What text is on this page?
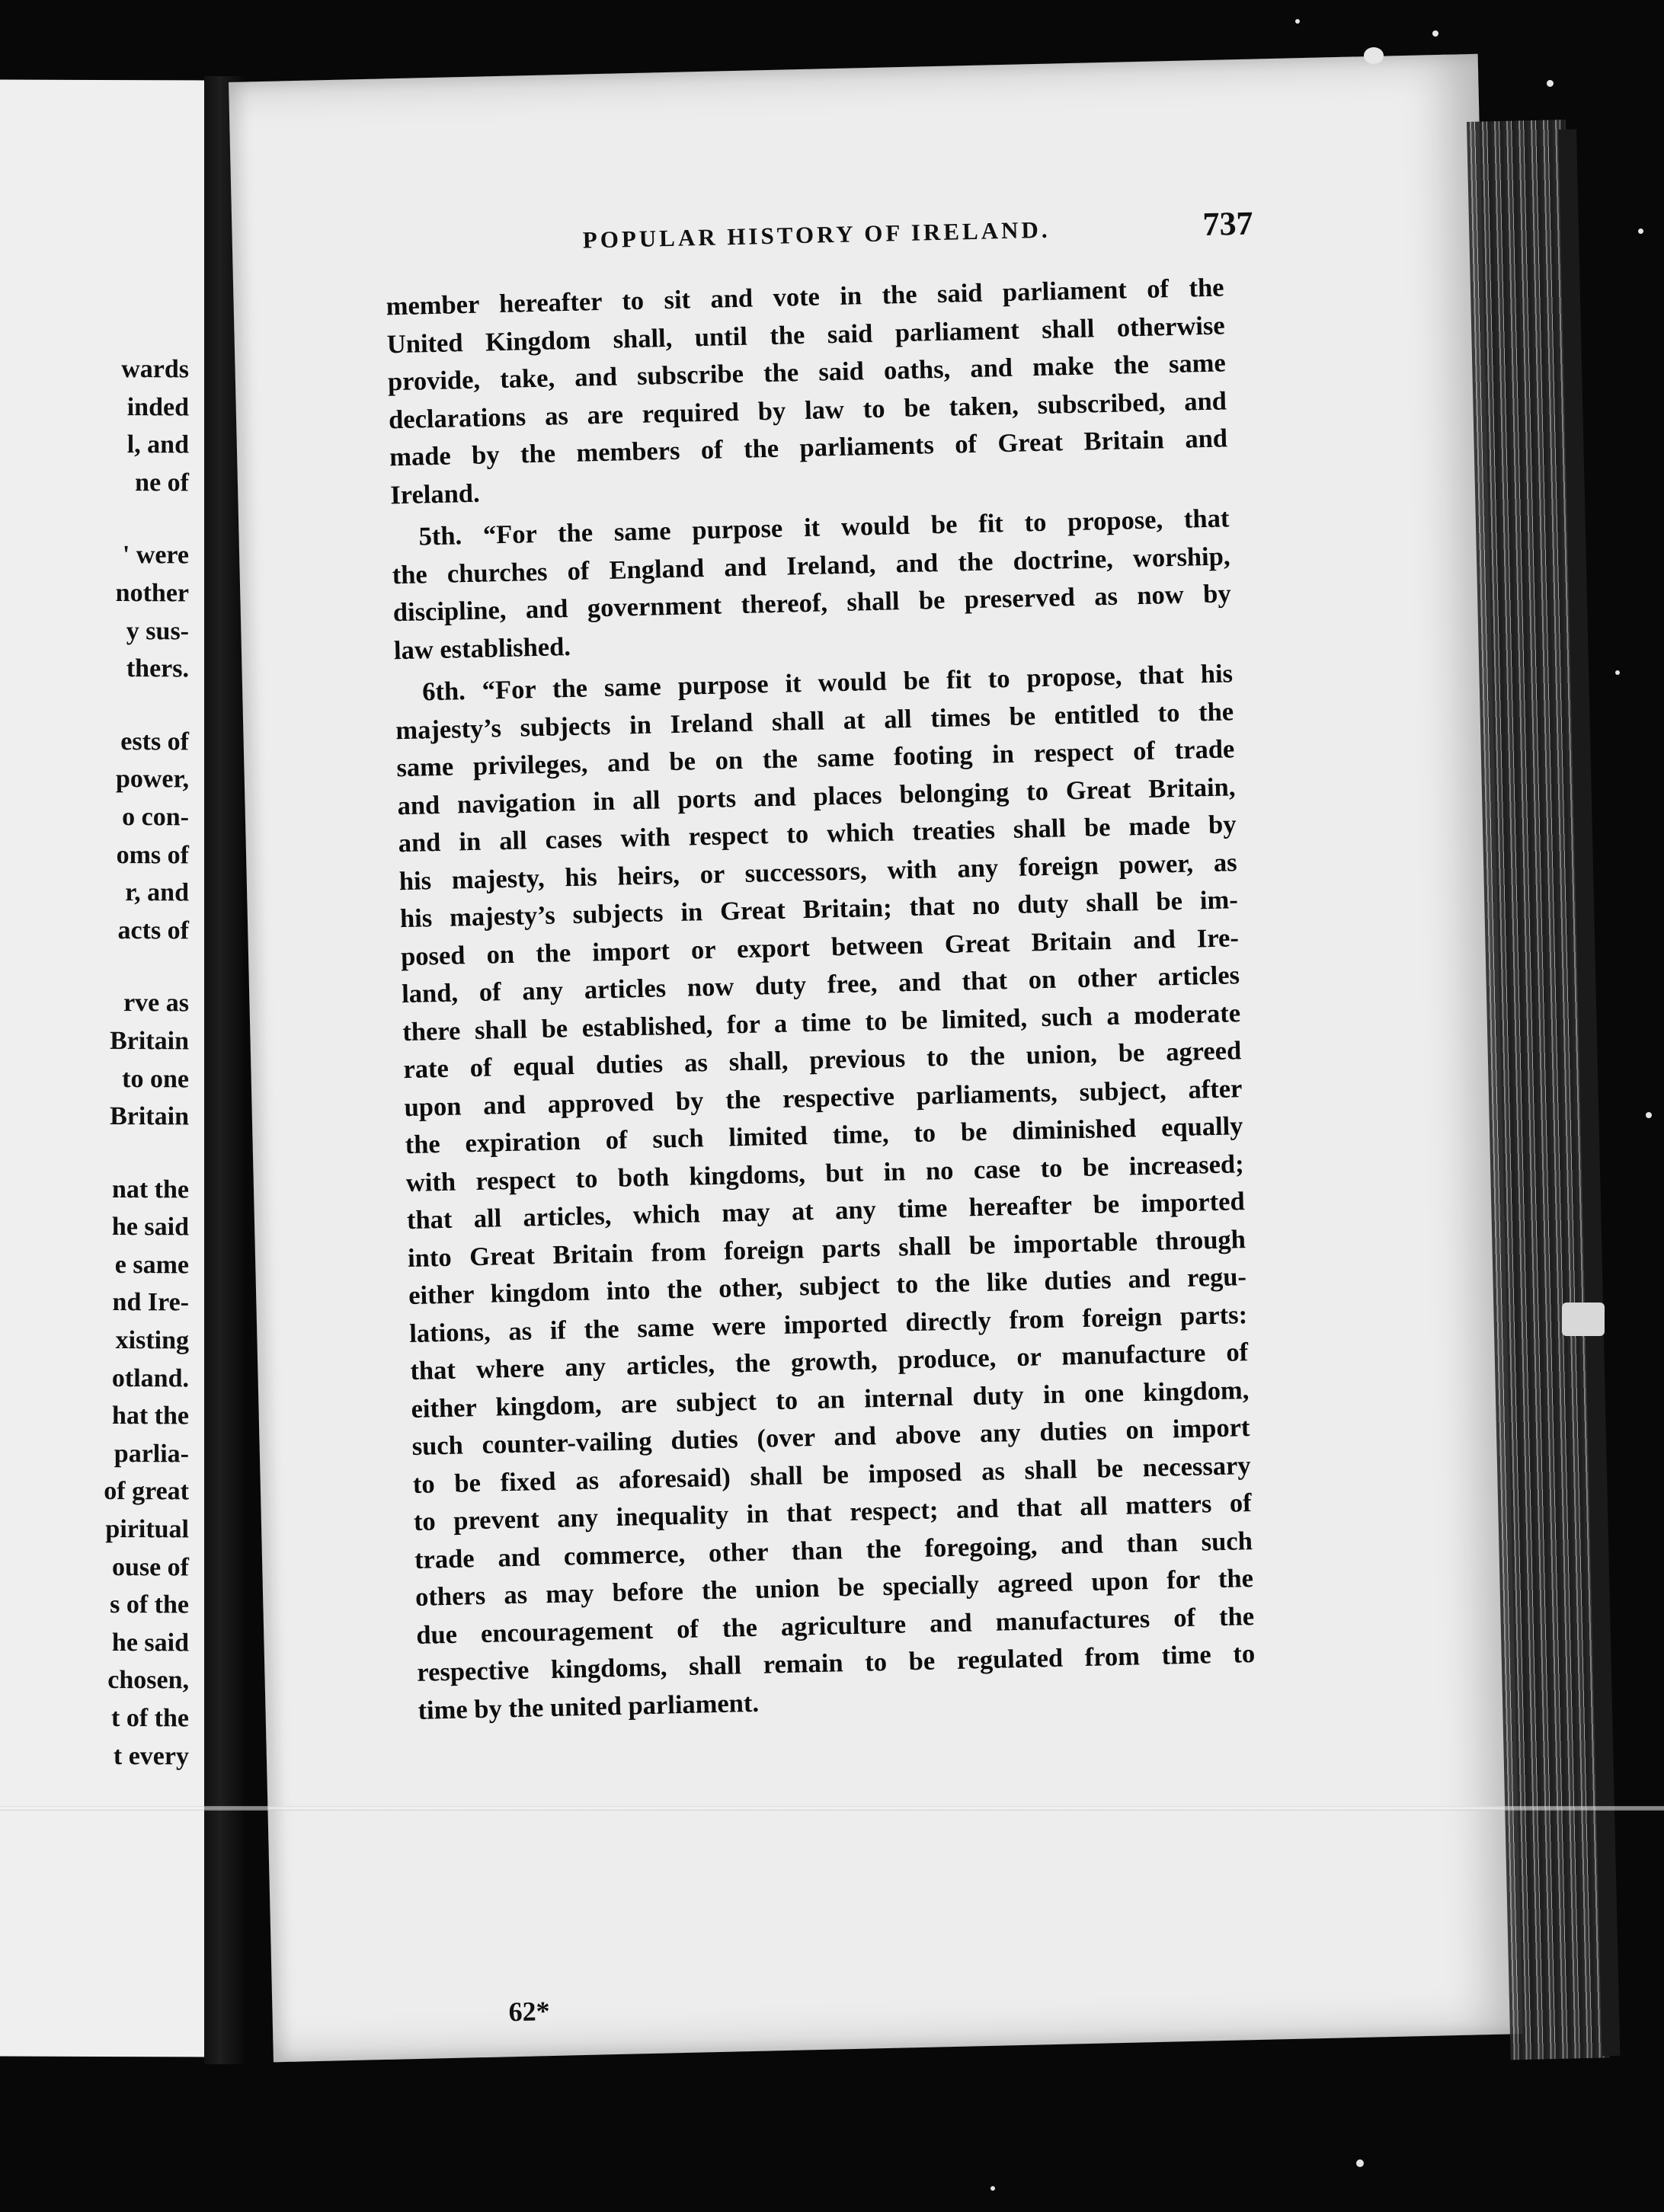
wards
inded
l, and
ne of
' were
nother
y sus-
thers.
ests of
power,
o con-
oms of
r, and
acts of
rve as
Britain
to one
Britain
nat the
he said
e same
nd Ire-
xisting
otland.
hat the
parlia-
of great
piritual
ouse of
s of the
he said
chosen,
t of the
t every
POPULAR HISTORY OF IRELAND.	737

member hereafter to sit and vote in the said parliament of the
United Kingdom shall, until the said parliament shall otherwise
provide, take, and subscribe the said oaths, and make the same
declarations as are required by law to be taken, subscribed, and
made by the members of the parliaments of Great Britain and
Ireland.

5th. “For the same purpose it would be fit to propose, that
the churches of England and Ireland, and the doctrine, worship,
discipline, and government thereof, shall be preserved as now by
law established.

6th. “For the same purpose it would be fit to propose, that his
majesty’s subjects in Ireland shall at all times be entitled to the
same privileges, and be on the same footing in respect of trade
and navigation in all ports and places belonging to Great Britain,
and in all cases with respect to which treaties shall be made by
his majesty, his heirs, or successors, with any foreign power, as
his majesty’s subjects in Great Britain; that no duty shall be im-
posed on the import or export between Great Britain and Ire-
land, of any articles now duty free, and that on other articles
there shall be established, for a time to be limited, such a moderate
rate of equal duties as shall, previous to the union, be agreed
upon and approved by the respective parliaments, subject, after
the expiration of such limited time, to be diminished equally
with respect to both kingdoms, but in no case to be increased;
that all articles, which may at any time hereafter be imported
into Great Britain from foreign parts shall be importable through
either kingdom into the other, subject to the like duties and regu-
lations, as if the same were imported directly from foreign parts:
that where any articles, the growth, produce, or manufacture of
either kingdom, are subject to an internal duty in one kingdom,
such counter-vailing duties (over and above any duties on import
to be fixed as aforesaid) shall be imposed as shall be necessary
to prevent any inequality in that respect; and that all matters of
trade and commerce, other than the foregoing, and than such
others as may before the union be specially agreed upon for the
due encouragement of the agriculture and manufactures of the
respective kingdoms, shall remain to be regulated from time to
time by the united parliament.

62*
